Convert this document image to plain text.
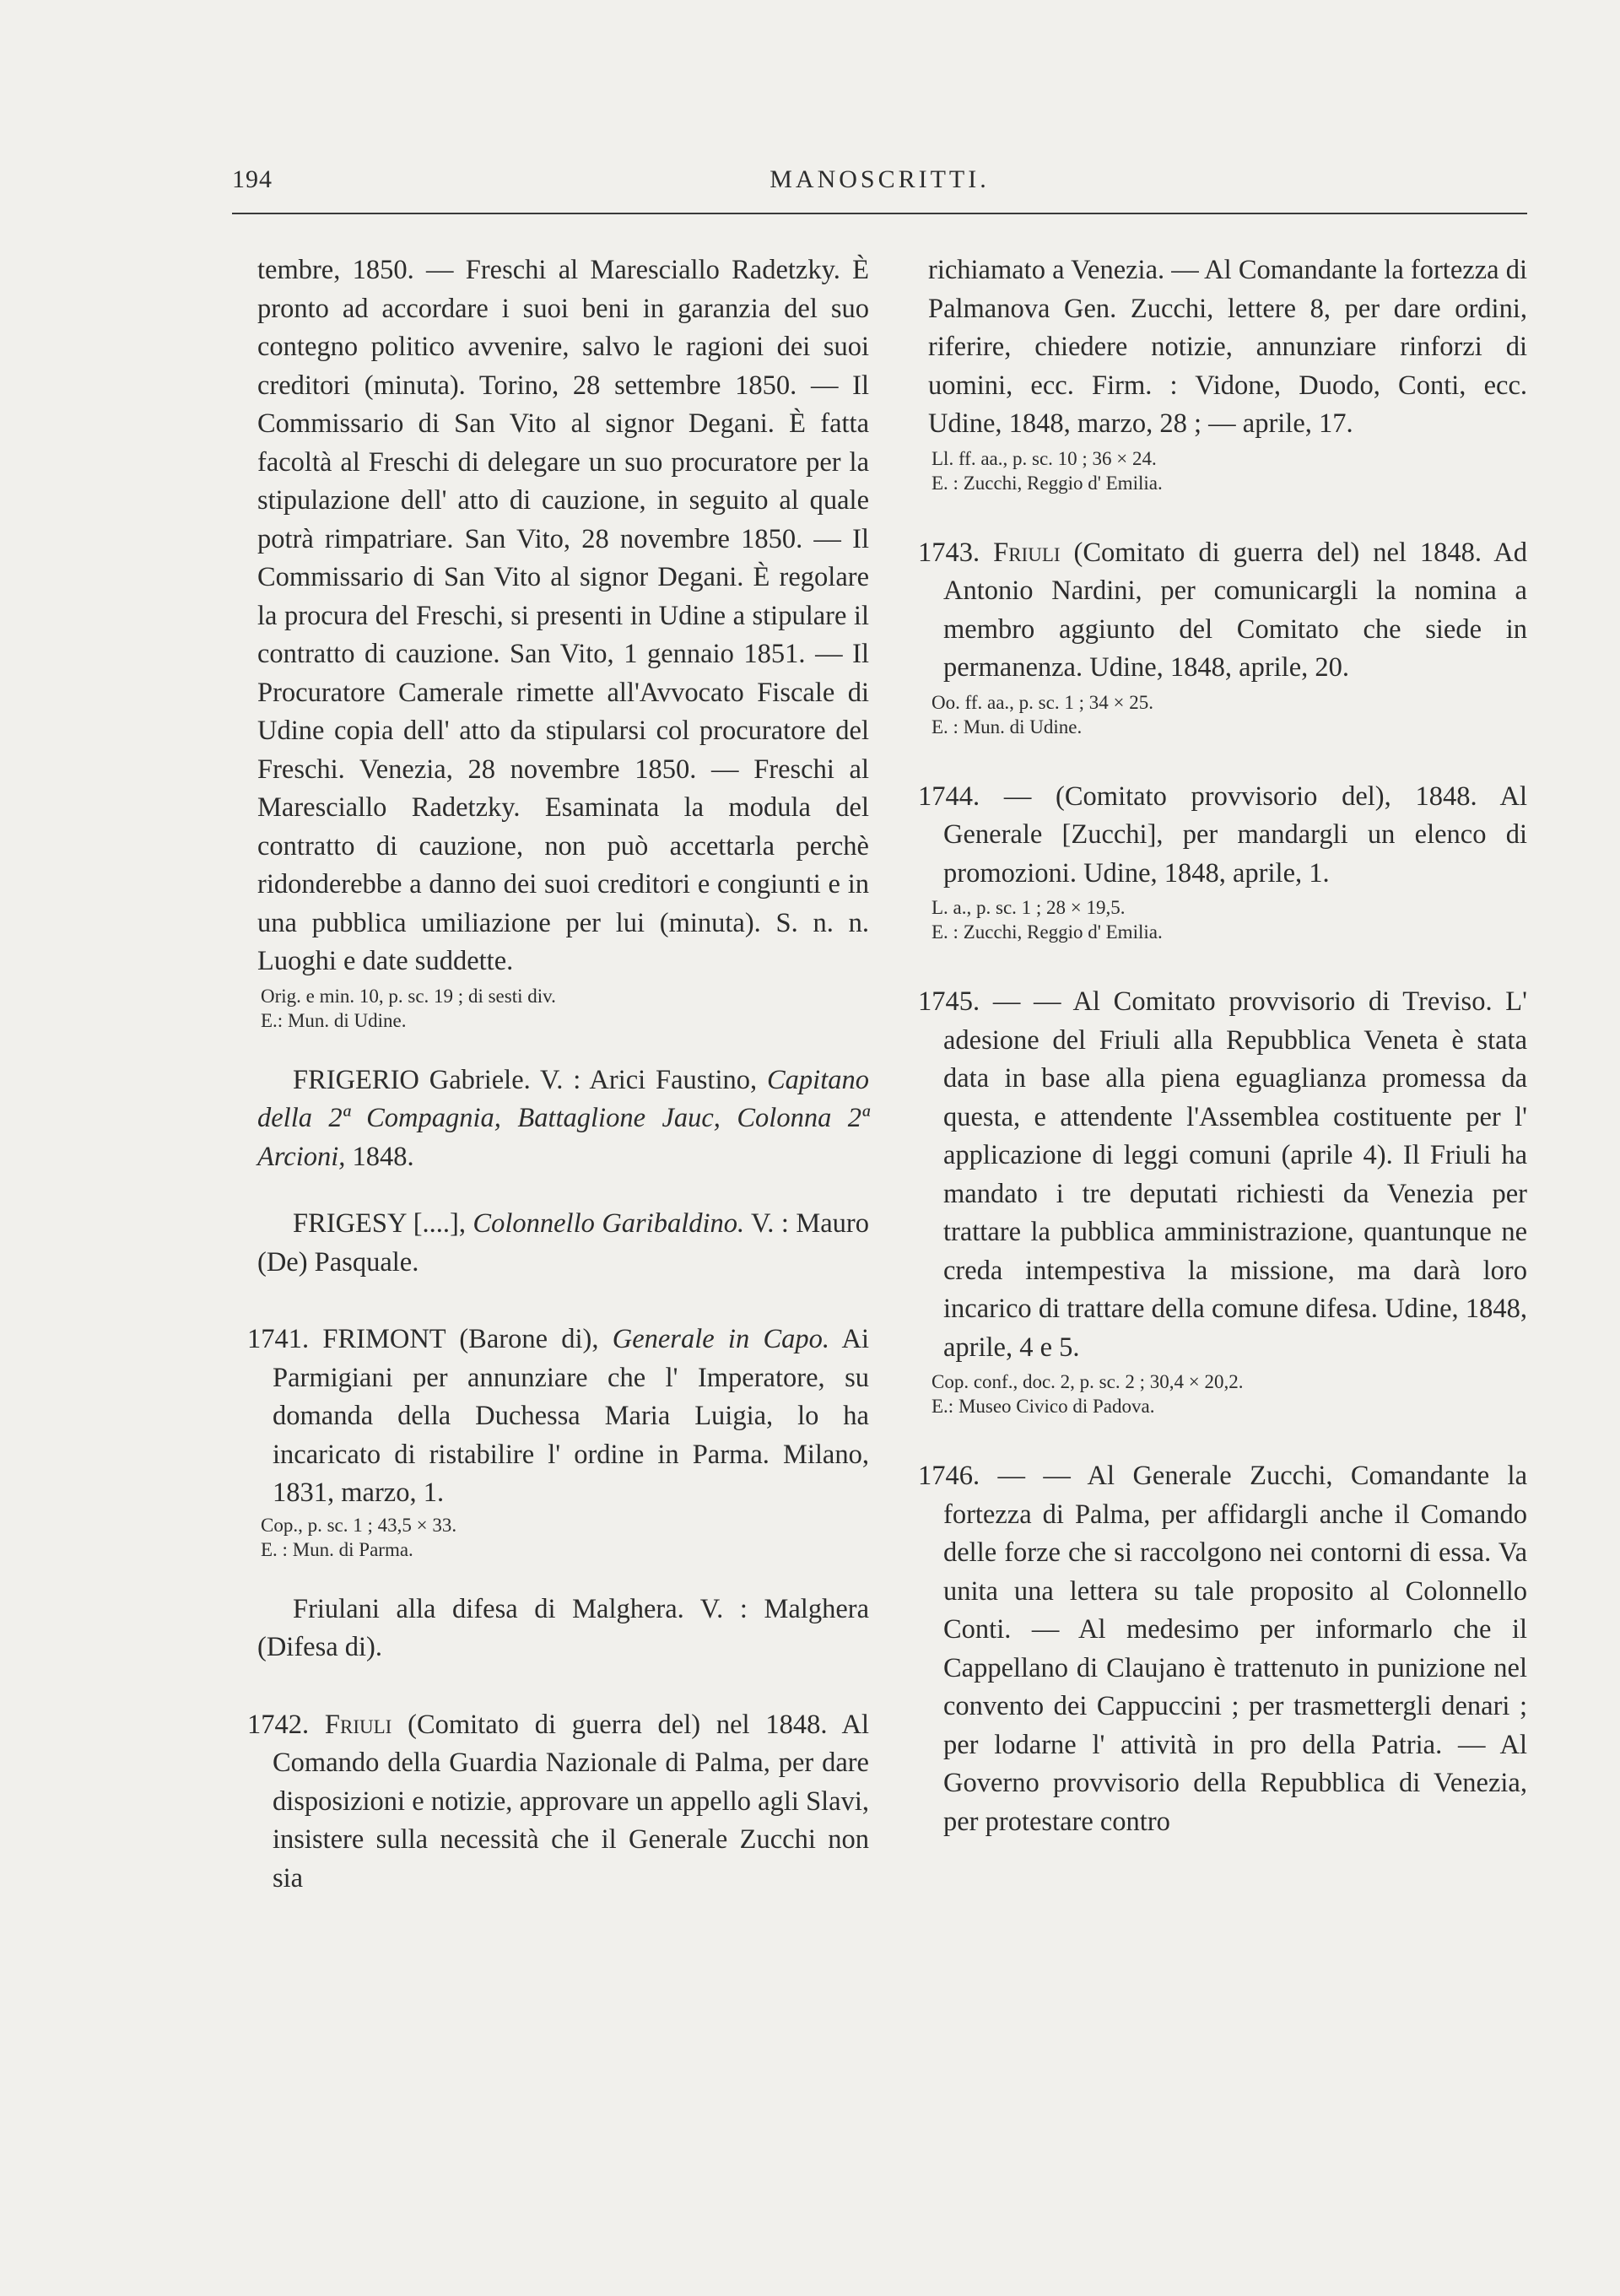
194	MANOSCRITTI.

tembre, 1850. — Freschi al Maresciallo Radetzky. È pronto ad accordare i suoi beni in garanzia del suo contegno politico avvenire, salvo le ragioni dei suoi creditori (minuta). Torino, 28 settembre 1850. — Il Commissario di San Vito al signor Degani. È fatta facoltà al Freschi di delegare un suo procuratore per la stipulazione dell' atto di cauzione, in seguito al quale potrà rimpatriare. San Vito, 28 novembre 1850. — Il Commissario di San Vito al signor Degani. È regolare la procura del Freschi, si presenti in Udine a stipulare il contratto di cauzione. San Vito, 1 gennaio 1851. — Il Procuratore Camerale rimette all'Avvocato Fiscale di Udine copia dell' atto da stipularsi col procuratore del Freschi. Venezia, 28 novembre 1850. — Freschi al Maresciallo Radetzky. Esaminata la modula del contratto di cauzione, non può accettarla perchè ridonderebbe a danno dei suoi creditori e congiunti e in una pubblica umiliazione per lui (minuta). S. n. n. Luoghi e date suddette.

Orig. e min. 10, p. sc. 19 ; di sesti div.

E.: Mun. di Udine.

FRIGERIO Gabriele. V. : Arici Faustino, Capitano della 2ª Compagnia, Battaglione Jauc, Colonna 2ª Arcioni, 1848.

FRIGESY [....], Colonnello Garibaldino. V. : Mauro (De) Pasquale.

1741. FRIMONT (Barone di), Generale in Capo. Ai Parmigiani per annunziare che l' Imperatore, su domanda della Duchessa Maria Luigia, lo ha incaricato di ristabilire l' ordine in Parma. Milano, 1831, marzo, 1.

Cop., p. sc. 1 ; 43,5 × 33.

E. : Mun. di Parma.

Friulani alla difesa di Malghera. V. : Malghera (Difesa di).

1742. Friuli (Comitato di guerra del) nel 1848. Al Comando della Guardia Nazionale di Palma, per dare disposizioni e notizie, approvare un appello agli Slavi, insistere sulla necessità che il Generale Zucchi non sia

richiamato a Venezia. — Al Comandante la fortezza di Palmanova Gen. Zucchi, lettere 8, per dare ordini, riferire, chiedere notizie, annunziare rinforzi di uomini, ecc. Firm. : Vidone, Duodo, Conti, ecc. Udine, 1848, marzo, 28 ; — aprile, 17.

Ll. ff. aa., p. sc. 10 ; 36 × 24.

E. : Zucchi, Reggio d' Emilia.

1743. Friuli (Comitato di guerra del) nel 1848. Ad Antonio Nardini, per comunicargli la nomina a membro aggiunto del Comitato che siede in permanenza. Udine, 1848, aprile, 20.

Oo. ff. aa., p. sc. 1 ; 34 × 25.

E. : Mun. di Udine.

1744. — (Comitato provvisorio del), 1848. Al Generale [Zucchi], per mandargli un elenco di promozioni. Udine, 1848, aprile, 1.

L. a., p. sc. 1 ; 28 × 19,5.

E. : Zucchi, Reggio d' Emilia.

1745. — — Al Comitato provvisorio di Treviso. L' adesione del Friuli alla Repubblica Veneta è stata data in base alla piena eguaglianza promessa da questa, e attendente l'Assemblea costituente per l' applicazione di leggi comuni (aprile 4). Il Friuli ha mandato i tre deputati richiesti da Venezia per trattare la pubblica amministrazione, quantunque ne creda intempestiva la missione, ma darà loro incarico di trattare della comune difesa. Udine, 1848, aprile, 4 e 5.

Cop. conf., doc. 2, p. sc. 2 ; 30,4 × 20,2.

E.: Museo Civico di Padova.

1746. — — Al Generale Zucchi, Comandante la fortezza di Palma, per affidargli anche il Comando delle forze che si raccolgono nei contorni di essa. Va unita una lettera su tale proposito al Colonnello Conti. — Al medesimo per informarlo che il Cappellano di Claujano è trattenuto in punizione nel convento dei Cappuccini ; per trasmettergli denari ; per lodarne l' attività in pro della Patria. — Al Governo provvisorio della Repubblica di Venezia, per protestare contro
